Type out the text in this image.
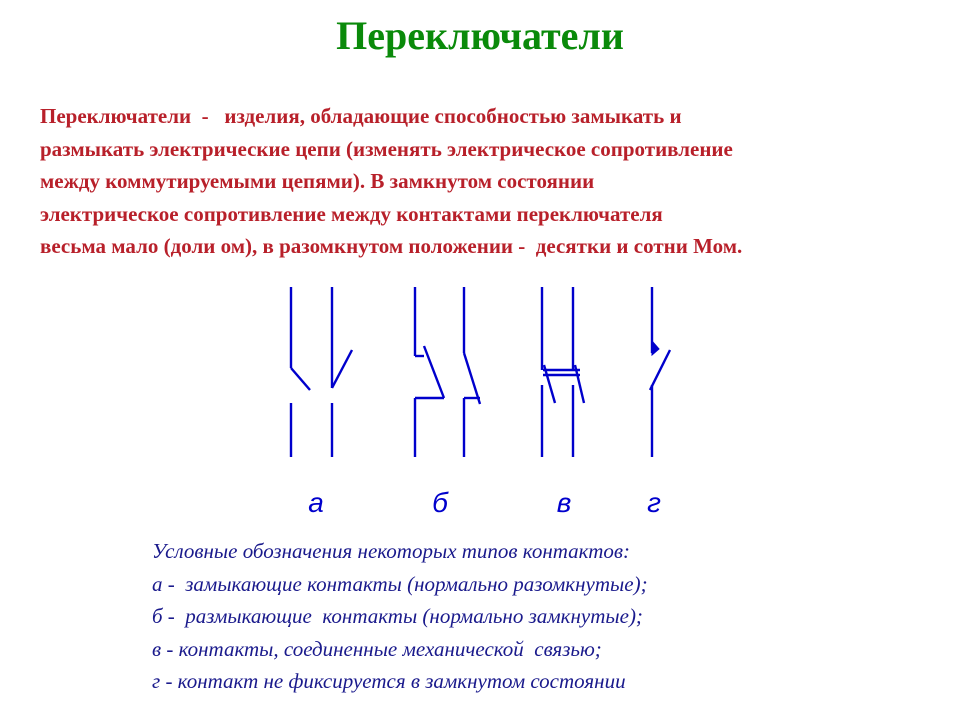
Переключатели
Переключатели  -   изделия, обладающие способностью замыкать и
размыкать электрические цепи (изменять электрическое сопротивление
между коммутируемыми цепями). В замкнутом состоянии
электрическое сопротивление между контактами переключателя
весьма мало (доли ом), в разомкнутом положении -  десятки и сотни Мом.
а	б	в	г
Условные обозначения некоторых типов контактов:
а -  замыкающие контакты (нормально разомкнутые);
б -  размыкающие  контакты (нормально замкнутые);
в - контакты, соединенные механической  связью;
г - контакт не фиксируется в замкнутом состоянии
